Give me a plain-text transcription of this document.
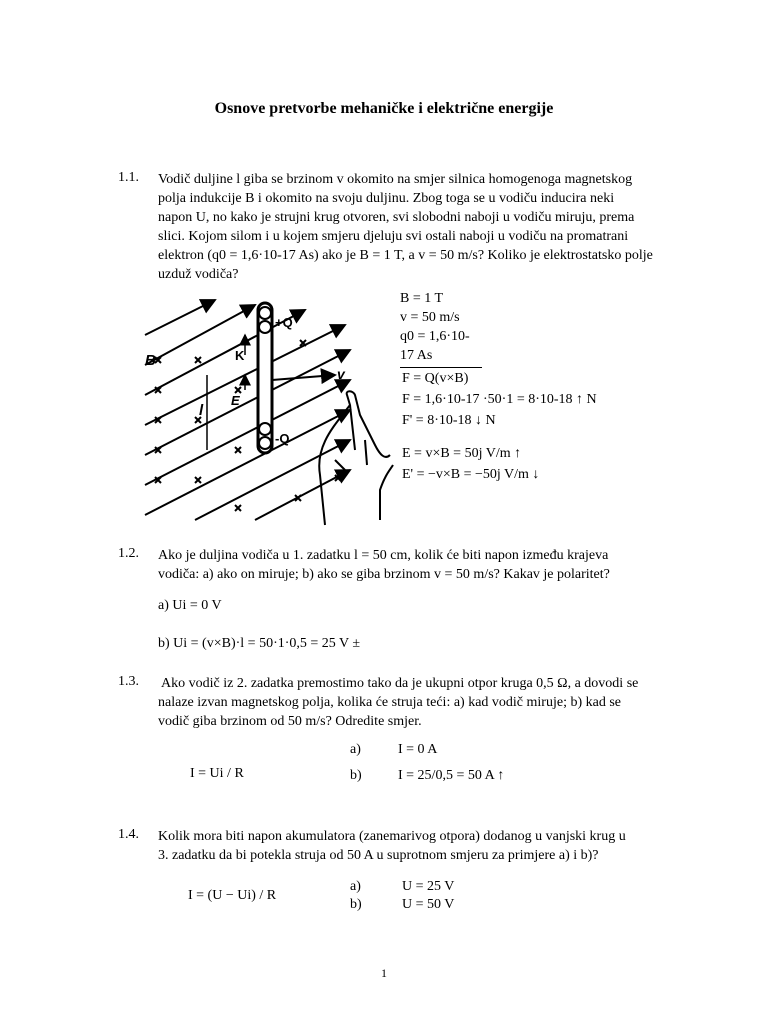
Osnove pretvorbe mehaničke i električne energije
1.1. Vodič duljine l giba se brzinom v okomito na smjer silnica homogenoga magnetskog
polja indukcije B i okomito na svoju duljinu. Zbog toga se u vodiču inducira neki
napon U, no kako je strujni krug otvoren, svi slobodni naboji u vodiču miruju, prema
slici. Kojom silom i u kojem smjeru djeluju svi ostali naboji u vodiču na promatrani
elektron (q0 = 1,6·10-17 As) ako je B = 1 T, a v = 50 m/s? Koliko je elektrostatsko polje
uzduž vodiča?
v
l
K
E
B
+Q
-Q
B = 1 T
v = 50 m/s
q0 = 1,6·10-17 As
F = Q(v×B)
F = 1,6·10-17 ·50·1 = 8·10-18 ↑ N
F' = 8·10-18 ↓ N
E = v×B = 50j V/m ↑
E' = −v×B = −50j V/m ↓
1.2. Ako je duljina vodiča u 1. zadatku l = 50 cm, kolik će biti napon između krajeva
vodiča: a) ako on miruje; b) ako se giba brzinom v = 50 m/s? Kakav je polaritet?
a) Ui = 0 V
b) Ui = (v×B)·l = 50·1·0,5 = 25 V ±
1.3. Ako vodič iz 2. zadatka premostimo tako da je ukupni otpor kruga 0,5 Ω, a dovodi se
nalaze izvan magnetskog polja, kolika će struja teći: a) kad vodič miruje; b) kad se
vodič giba brzinom od 50 m/s? Odredite smjer.
I = Ui / R
a)	I = 0 A
b)	I = 25/0,5 = 50 A ↑
1.4. Kolik mora biti napon akumulatora (zanemarivog otpora) dodanog u vanjski krug u
3. zadatku da bi potekla struja od 50 A u suprotnom smjeru za primjere a) i b)?
I = (U − Ui) / R
a)	U = 25 V
b)	U = 50 V
1
